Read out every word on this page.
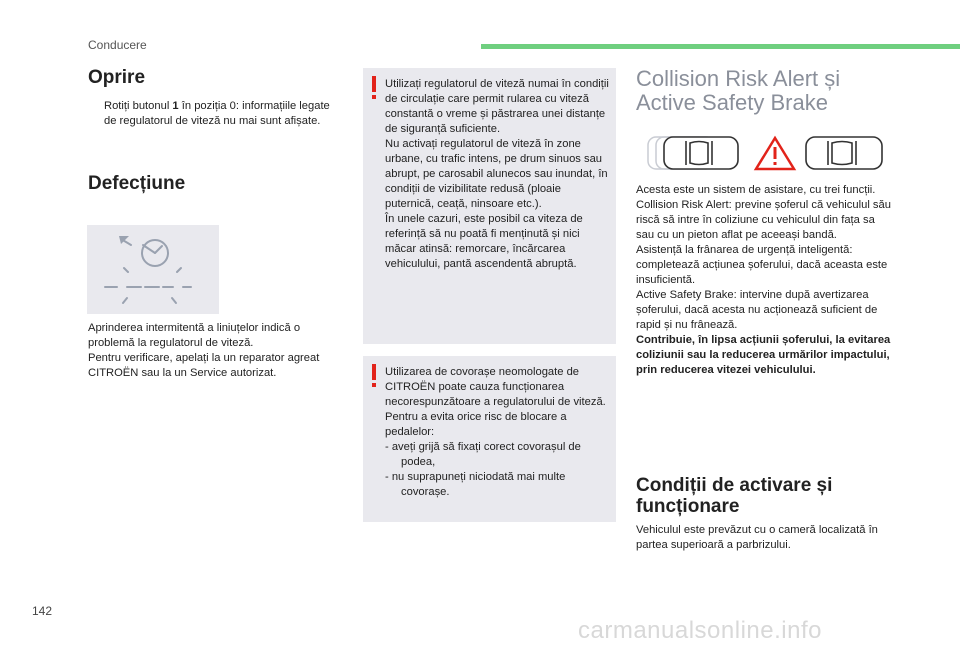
Conducere
Oprire
Rotiți butonul 1 în poziția 0: informațiile legate de regulatorul de viteză nu mai sunt afișate.
Defecțiune

Aprinderea intermitentă a liniuțelor indică o problemă la regulatorul de viteză.

Pentru verificare, apelați la un reparator agreat CITROËN sau la un Service autorizat.

Utilizați regulatorul de viteză numai în condiții de circulație care permit rularea cu viteză constantă o vreme și păstrarea unei distanțe de siguranță suficiente.

Nu activați regulatorul de viteză în zone urbane, cu trafic intens, pe drum sinuos sau abrupt, pe carosabil alunecos sau inundat, în condiții de vizibilitate redusă (ploaie puternică, ceață, ninsoare etc.).

În unele cazuri, este posibil ca viteza de referință să nu poată fi menținută și nici măcar atinsă: remorcare, încărcarea vehiculului, pantă ascendentă abruptă.

Utilizarea de covorașe neomologate de CITROËN poate cauza funcționarea necorespunzătoare a regulatorului de viteză.

Pentru a evita orice risc de blocare a pedalelor:

- aveți grijă să fixați corect covorașul de podea,
- nu suprapuneți niciodată mai multe covorașe.
Collision Risk Alert și
Active Safety Brake

Acesta este un sistem de asistare, cu trei funcții.

Collision Risk Alert: previne șoferul că vehiculul său riscă să intre în coliziune cu vehiculul din fața sa sau cu un pieton aflat pe aceeași bandă.

Asistență la frânarea de urgență inteligentă: completează acțiunea șoferului, dacă aceasta este insuficientă.

Active Safety Brake: intervine după avertizarea șoferului, dacă acesta nu acționează suficient de rapid și nu frânează.

Contribuie, în lipsa acțiunii șoferului, la evitarea coliziunii sau la reducerea urmărilor impactului, prin reducerea vitezei vehiculului.

Condiții de activare și
funcționare
Vehiculul este prevăzut cu o cameră localizată în partea superioară a parbrizului.
142
carmanualsonline.info
